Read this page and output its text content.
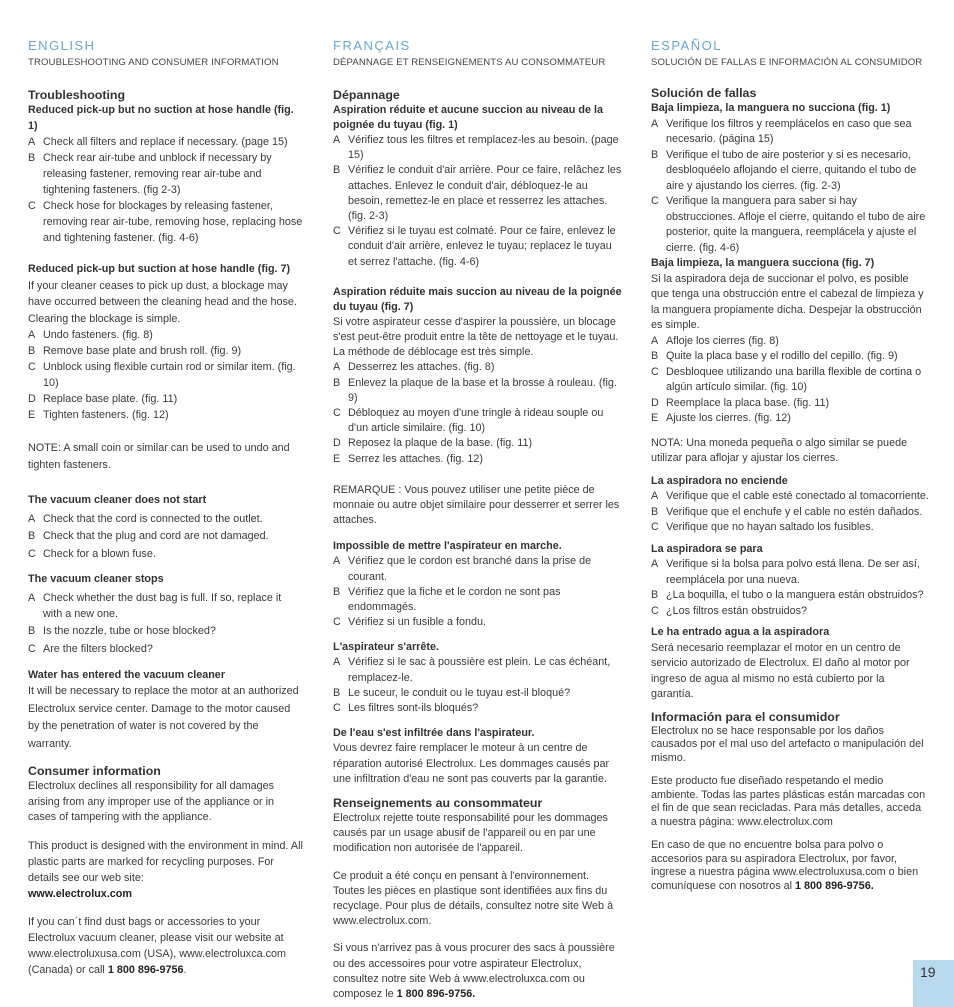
ENGLISH
TROUBLESHOOTING AND CONSUMER INFORMATION
Troubleshooting
Reduced pick-up but no suction at hose handle (fig. 1)
A Check all filters and replace if necessary. (page 15)
B Check rear air-tube and unblock if necessary by releasing fastener, removing rear air-tube and tightening fasteners. (fig 2-3)
C Check hose for blockages by releasing fastener, removing rear air-tube, removing hose, replacing hose and tightening fastener. (fig. 4-6)
Reduced pick-up but suction at hose handle (fig. 7)

If your cleaner ceases to pick up dust, a blockage may have occurred between the cleaning head and the hose. Clearing the blockage is simple.

A Undo fasteners. (fig. 8)
B Remove base plate and brush roll. (fig. 9)
C Unblock using flexible curtain rod or similar item. (fig. 10)
D Replace base plate. (fig. 11)
E Tighten fasteners. (fig. 12)

NOTE: A small coin or similar can be used to undo and tighten fasteners.

The vacuum cleaner does not start
A Check that the cord is connected to the outlet.
B Check that the plug and cord are not damaged.
C Check for a blown fuse.
The vacuum cleaner stops
A Check whether the dust bag is full. If so, replace it with a new one.
B Is the nozzle, tube or hose blocked?
C Are the filters blocked?
Water has entered the vacuum cleaner

It will be necessary to replace the motor at an authorized Electrolux service center. Damage to the motor caused by the penetration of water is not covered by the warranty.

Consumer information

Electrolux declines all responsibility for all damages arising from any improper use of the appliance or in cases of tampering with the appliance.

This product is designed with the environment in mind. All plastic parts are marked for recycling purposes. For details see our web site:
www.electrolux.com

If you can´t find dust bags or accessories to your Electrolux vacuum cleaner, please visit our website at www.electroluxusa.com (USA), www.electroluxca.com (Canada) or call 1 800 896-9756.

FRANÇAIS
DÉPANNAGE ET RENSEIGNEMENTS AU CONSOMMATEUR
Dépannage
Aspiration réduite et aucune succion au niveau de la poignée du tuyau (fig. 1)
A Vérifiez tous les filtres et remplacez-les au besoin. (page 15)
B Vérifiez le conduit d'air arrière. Pour ce faire, relâchez les attaches. Enlevez le conduit d'air, débloquez-le au besoin, remettez-le en place et resserrez les attaches. (fig. 2-3)
C Vérifiez si le tuyau est colmaté. Pour ce faire, enlevez le conduit d'air arrière, enlevez le tuyau; replacez le tuyau et serrez l'attache. (fig. 4-6)
Aspiration réduite mais succion au niveau de la poignée du tuyau (fig. 7)

Si votre aspirateur cesse d'aspirer la poussière, un blocage s'est peut-être produit entre la tête de nettoyage et le tuyau. La méthode de déblocage est très simple.

A Desserrez les attaches. (fig. 8)
B Enlevez la plaque de la base et la brosse à rouleau. (fig. 9)
C Débloquez au moyen d'une tringle à rideau souple ou d'un article similaire. (fig. 10)
D Reposez la plaque de la base. (fig. 11)
E Serrez les attaches. (fig. 12)

REMARQUE : Vous pouvez utiliser une petite pièce de monnaie ou autre objet similaire pour desserrer et serrer les attaches.

Impossible de mettre l'aspirateur en marche.
A Vérifiez que le cordon est branché dans la prise de courant.
B Vérifiez que la fiche et le cordon ne sont pas endommagés.
C Vérifiez si un fusible a fondu.
L'aspirateur s'arrête.
A Vérifiez si le sac à poussière est plein. Le cas échéant, remplacez-le.
B Le suceur, le conduit ou le tuyau est-il bloqué?
C Les filtres sont-ils bloqués?
De l'eau s'est infiltrée dans l'aspirateur.

Vous devrez faire remplacer le moteur à un centre de réparation autorisé Electrolux. Les dommages causés par une infiltration d'eau ne sont pas couverts par la garantie.

Renseignements au consommateur

Electrolux rejette toute responsabilité pour les dommages causés par un usage abusif de l'appareil ou en par une modification non autorisée de l'appareil.

Ce produit a été conçu en pensant à l'environnement. Toutes les pièces en plastique sont identifiées aux fins du recyclage. Pour plus de détails, consultez notre site Web à www.electrolux.com.

Si vous n'arrivez pas à vous procurer des sacs à poussière ou des accessoires pour votre aspirateur Electrolux, consultez notre site Web à www.electroluxca.com ou composez le 1 800 896-9756.

ESPAÑOL
SOLUCIÓN DE FALLAS E INFORMACIÓN AL CONSUMIDOR
Solución de fallas
Baja limpieza, la manguera no succiona (fig. 1)
A Verifique los filtros y reemplácelos en caso que sea necesario. (página 15)
B Verifique el tubo de aire posterior y si es necesario, desbloquéelo aflojando el cierre, quitando el tubo de aire y ajustando los cierres. (fig. 2-3)
C Verifique la manguera para saber si hay obstrucciones. Afloje el cierre, quitando el tubo de aire posterior, quite la manguera, reemplácela y ajuste el cierre. (fig. 4-6)
Baja limpieza, la manguera succiona (fig. 7)

Si la aspiradora deja de succionar el polvo, es posible que tenga una obstrucción entre el cabezal de limpieza y la manguera propiamente dicha. Despejar la obstrucción es simple.

A Afloje los cierres (fig. 8)
B Quite la placa base y el rodillo del cepillo. (fig. 9)
C Desbloquee utilizando una barilla flexible de cortina o algún artículo similar. (fig. 10)
D Reemplace la placa base. (fig. 11)
E Ajuste los cierres. (fig. 12)

NOTA: Una moneda pequeña o algo similar se puede utilizar para aflojar y ajustar los cierres.

La aspiradora no enciende
A Verifique que el cable esté conectado al tomacorriente.
B Verifique que el enchufe y el cable no estén dañados.
C Verifique que no hayan saltado los fusibles.
La aspiradora se para
A Verifique si la bolsa para polvo está llena. De ser así, reemplácela por una nueva.
B ¿La boquilla, el tubo o la manguera están obstruidos?
C ¿Los filtros están obstruidos?
Le ha entrado agua a la aspiradora

Será necesario reemplazar el motor en un centro de servicio autorizado de Electrolux. El daño al motor por ingreso de agua al mismo no está cubierto por la garantía.

Información para el consumidor

Electrolux no se hace responsable por los daños causados por el mal uso del artefacto o manipulación del mismo.

Este producto fue diseñado respetando el medio ambiente. Todas las partes plásticas están marcadas con el fin de que sean recicladas. Para más detalles, acceda a nuestra página: www.electrolux.com

En caso de que no encuentre bolsa para polvo o accesorios para su aspiradora Electrolux, por favor, ingrese a nuestra página www.electroluxusa.com o bien comuníquese con nosotros al 1 800 896-9756.

19
